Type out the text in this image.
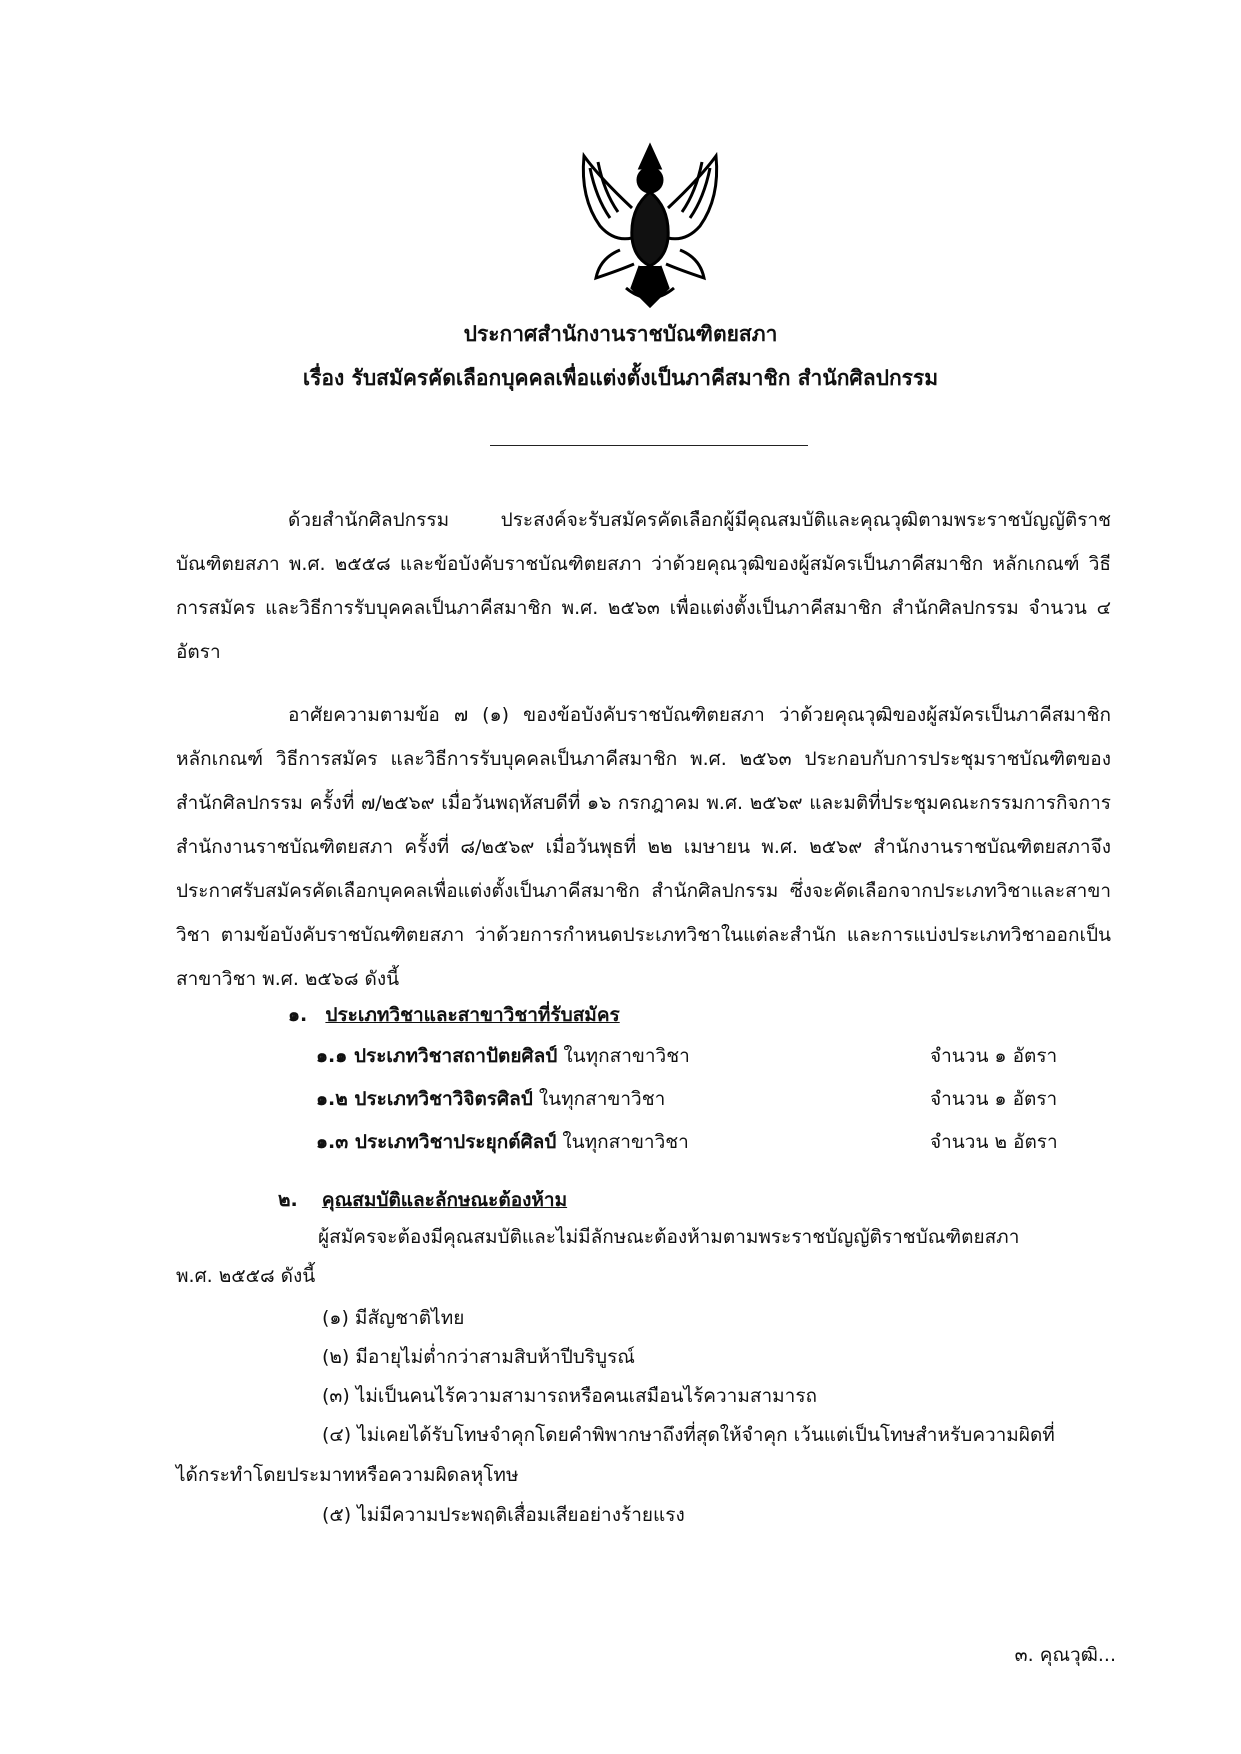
ประกาศสำนักงานราชบัณฑิตยสภา
เรื่อง รับสมัครคัดเลือกบุคคลเพื่อแต่งตั้งเป็นภาคีสมาชิก สำนักศิลปกรรม

ด้วยสำนักศิลปกรรม ประสงค์จะรับสมัครคัดเลือกผู้มีคุณสมบัติและคุณวุฒิตามพระราชบัญญัติราชบัณฑิตยสภา พ.ศ. ๒๕๕๘ และข้อบังคับราชบัณฑิตยสภา ว่าด้วยคุณวุฒิของผู้สมัครเป็นภาคีสมาชิก หลักเกณฑ์ วิธีการสมัคร และวิธีการรับบุคคลเป็นภาคีสมาชิก พ.ศ. ๒๕๖๓ เพื่อแต่งตั้งเป็นภาคีสมาชิก สำนักศิลปกรรม จำนวน ๔ อัตรา

อาศัยความตามข้อ ๗ (๑) ของข้อบังคับราชบัณฑิตยสภา ว่าด้วยคุณวุฒิของผู้สมัครเป็นภาคีสมาชิก หลักเกณฑ์ วิธีการสมัคร และวิธีการรับบุคคลเป็นภาคีสมาชิก พ.ศ. ๒๕๖๓ ประกอบกับการประชุมราชบัณฑิตของสำนักศิลปกรรม ครั้งที่ ๗/๒๕๖๙ เมื่อวันพฤหัสบดีที่ ๑๖ กรกฎาคม พ.ศ. ๒๕๖๙ และมติที่ประชุมคณะกรรมการกิจการสำนักงานราชบัณฑิตยสภา ครั้งที่ ๘/๒๕๖๙ เมื่อวันพุธที่ ๒๒ เมษายน พ.ศ. ๒๕๖๙ สำนักงานราชบัณฑิตยสภาจึงประกาศรับสมัครคัดเลือกบุคคลเพื่อแต่งตั้งเป็นภาคีสมาชิก สำนักศิลปกรรม ซึ่งจะคัดเลือกจากประเภทวิชาและสาขาวิชา ตามข้อบังคับราชบัณฑิตยสภา ว่าด้วยการกำหนดประเภทวิชาในแต่ละสำนัก และการแบ่งประเภทวิชาออกเป็นสาขาวิชา พ.ศ. ๒๕๖๘ ดังนี้

๑. ประเภทวิชาและสาขาวิชาที่รับสมัคร
๑.๑ ประเภทวิชาสถาปัตยศิลป์ ในทุกสาขาวิชา	จำนวน ๑ อัตรา
๑.๒ ประเภทวิชาวิจิตรศิลป์ ในทุกสาขาวิชา	จำนวน ๑ อัตรา
๑.๓ ประเภทวิชาประยุกต์ศิลป์ ในทุกสาขาวิชา	จำนวน ๒ อัตรา
๒. คุณสมบัติและลักษณะต้องห้าม
ผู้สมัครจะต้องมีคุณสมบัติและไม่มีลักษณะต้องห้ามตามพระราชบัญญัติราชบัณฑิตยสภา
พ.ศ. ๒๕๕๘ ดังนี้
(๑) มีสัญชาติไทย
(๒) มีอายุไม่ต่ำกว่าสามสิบห้าปีบริบูรณ์
(๓) ไม่เป็นคนไร้ความสามารถหรือคนเสมือนไร้ความสามารถ
(๔) ไม่เคยได้รับโทษจำคุกโดยคำพิพากษาถึงที่สุดให้จำคุก เว้นแต่เป็นโทษสำหรับความผิดที่
ได้กระทำโดยประมาทหรือความผิดลหุโทษ
(๕) ไม่มีความประพฤติเสื่อมเสียอย่างร้ายแรง
๓. คุณวุฒิ...
